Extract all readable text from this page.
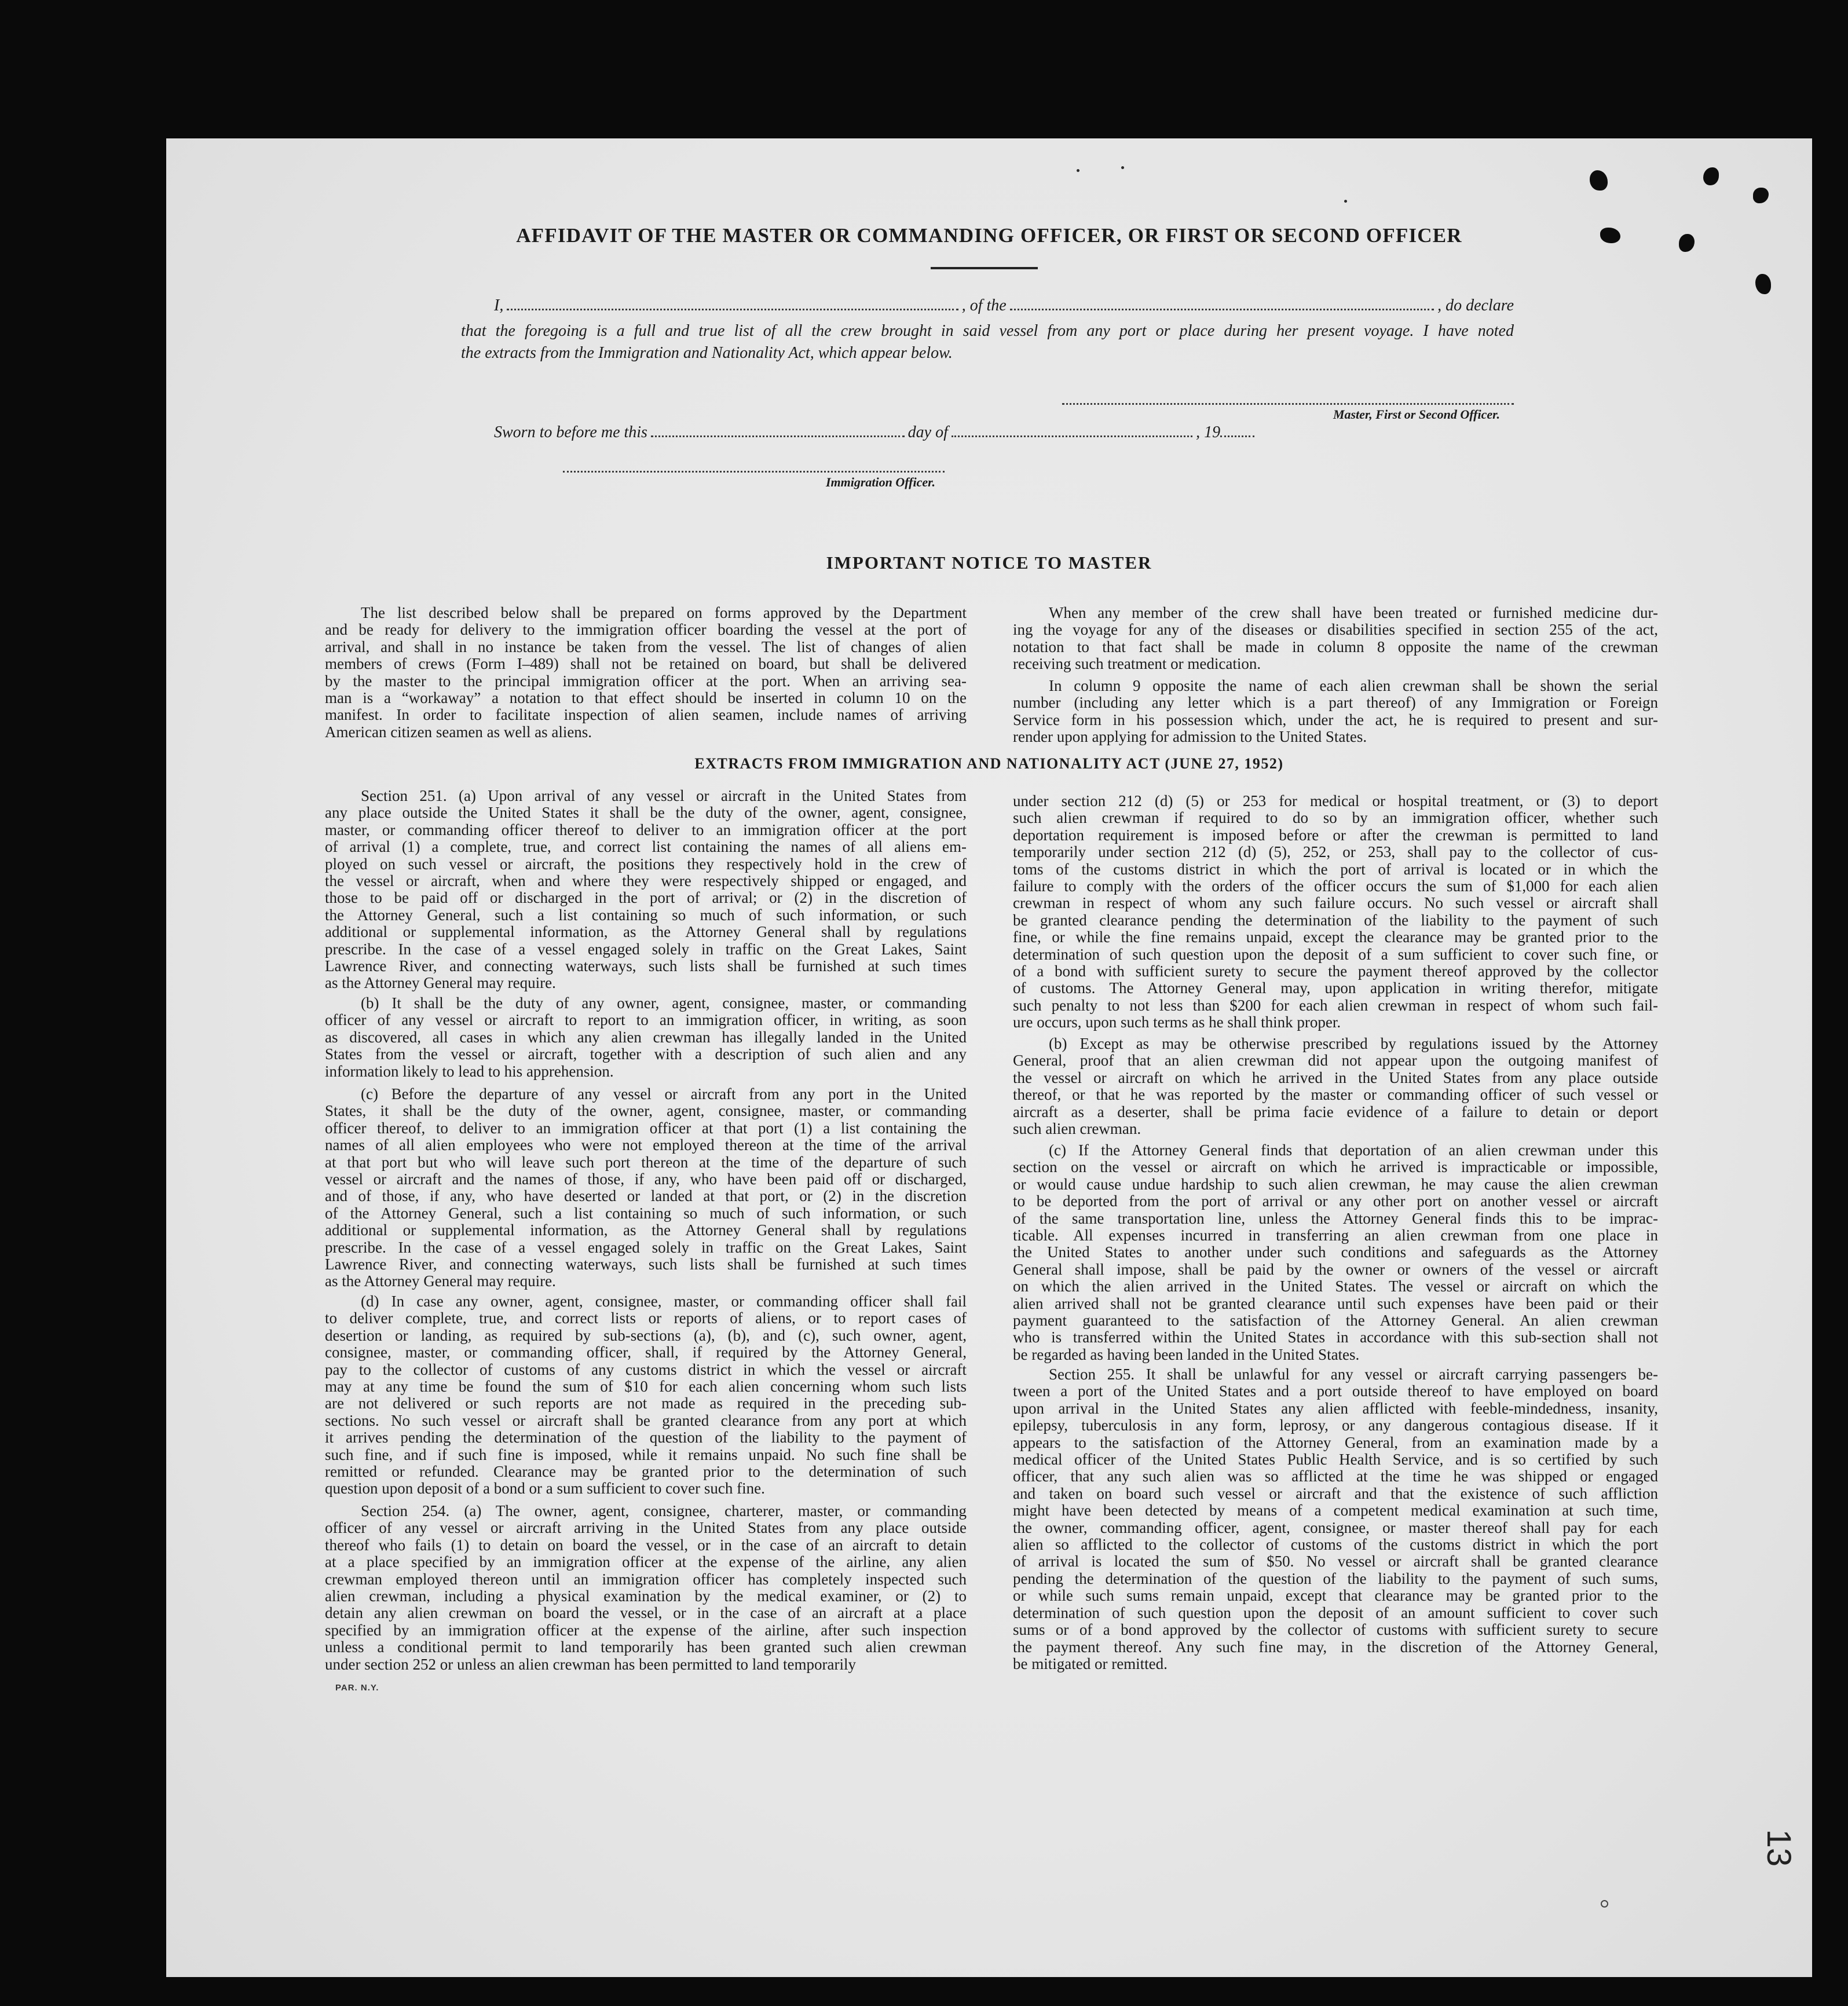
AFFIDAVIT OF THE MASTER OR COMMANDING OFFICER, OR FIRST OR SECOND OFFICER
I,	, of the	, do declare
that the foregoing is a full and true list of all the crew brought in said vessel from any port or place during her present voyage. I have noted
the extracts from the Immigration and Nationality Act, which appear below.
Master, First or Second Officer.
Sworn to before me this	day of	, 19
Immigration Officer.
IMPORTANT NOTICE TO MASTER
The list described below shall be prepared on forms approved by the Department
and be ready for delivery to the immigration officer boarding the vessel at the port of
arrival, and shall in no instance be taken from the vessel. The list of changes of alien
members of crews (Form I–489) shall not be retained on board, but shall be delivered
by the master to the principal immigration officer at the port. When an arriving sea-
man is a “workaway” a notation to that effect should be inserted in column 10 on the
manifest. In order to facilitate inspection of alien seamen, include names of arriving
American citizen seamen as well as aliens.
When any member of the crew shall have been treated or furnished medicine dur-
ing the voyage for any of the diseases or disabilities specified in section 255 of the act,
notation to that fact shall be made in column 8 opposite the name of the crewman
receiving such treatment or medication.
In column 9 opposite the name of each alien crewman shall be shown the serial
number (including any letter which is a part thereof) of any Immigration or Foreign
Service form in his possession which, under the act, he is required to present and sur-
render upon applying for admission to the United States.
EXTRACTS FROM IMMIGRATION AND NATIONALITY ACT (JUNE 27, 1952)
Section 251. (a) Upon arrival of any vessel or aircraft in the United States from
any place outside the United States it shall be the duty of the owner, agent, consignee,
master, or commanding officer thereof to deliver to an immigration officer at the port
of arrival (1) a complete, true, and correct list containing the names of all aliens em-
ployed on such vessel or aircraft, the positions they respectively hold in the crew of
the vessel or aircraft, when and where they were respectively shipped or engaged, and
those to be paid off or discharged in the port of arrival; or (2) in the discretion of
the Attorney General, such a list containing so much of such information, or such
additional or supplemental information, as the Attorney General shall by regulations
prescribe. In the case of a vessel engaged solely in traffic on the Great Lakes, Saint
Lawrence River, and connecting waterways, such lists shall be furnished at such times
as the Attorney General may require.
(b) It shall be the duty of any owner, agent, consignee, master, or commanding
officer of any vessel or aircraft to report to an immigration officer, in writing, as soon
as discovered, all cases in which any alien crewman has illegally landed in the United
States from the vessel or aircraft, together with a description of such alien and any
information likely to lead to his apprehension.
(c) Before the departure of any vessel or aircraft from any port in the United
States, it shall be the duty of the owner, agent, consignee, master, or commanding
officer thereof, to deliver to an immigration officer at that port (1) a list containing the
names of all alien employees who were not employed thereon at the time of the arrival
at that port but who will leave such port thereon at the time of the departure of such
vessel or aircraft and the names of those, if any, who have been paid off or discharged,
and of those, if any, who have deserted or landed at that port, or (2) in the discretion
of the Attorney General, such a list containing so much of such information, or such
additional or supplemental information, as the Attorney General shall by regulations
prescribe. In the case of a vessel engaged solely in traffic on the Great Lakes, Saint
Lawrence River, and connecting waterways, such lists shall be furnished at such times
as the Attorney General may require.
(d) In case any owner, agent, consignee, master, or commanding officer shall fail
to deliver complete, true, and correct lists or reports of aliens, or to report cases of
desertion or landing, as required by sub-sections (a), (b), and (c), such owner, agent,
consignee, master, or commanding officer, shall, if required by the Attorney General,
pay to the collector of customs of any customs district in which the vessel or aircraft
may at any time be found the sum of $10 for each alien concerning whom such lists
are not delivered or such reports are not made as required in the preceding sub-
sections. No such vessel or aircraft shall be granted clearance from any port at which
it arrives pending the determination of the question of the liability to the payment of
such fine, and if such fine is imposed, while it remains unpaid. No such fine shall be
remitted or refunded. Clearance may be granted prior to the determination of such
question upon deposit of a bond or a sum sufficient to cover such fine.
Section 254. (a) The owner, agent, consignee, charterer, master, or commanding
officer of any vessel or aircraft arriving in the United States from any place outside
thereof who fails (1) to detain on board the vessel, or in the case of an aircraft to detain
at a place specified by an immigration officer at the expense of the airline, any alien
crewman employed thereon until an immigration officer has completely inspected such
alien crewman, including a physical examination by the medical examiner, or (2) to
detain any alien crewman on board the vessel, or in the case of an aircraft at a place
specified by an immigration officer at the expense of the airline, after such inspection
unless a conditional permit to land temporarily has been granted such alien crewman
under section 252 or unless an alien crewman has been permitted to land temporarily
under section 212 (d) (5) or 253 for medical or hospital treatment, or (3) to deport
such alien crewman if required to do so by an immigration officer, whether such
deportation requirement is imposed before or after the crewman is permitted to land
temporarily under section 212 (d) (5), 252, or 253, shall pay to the collector of cus-
toms of the customs district in which the port of arrival is located or in which the
failure to comply with the orders of the officer occurs the sum of $1,000 for each alien
crewman in respect of whom any such failure occurs. No such vessel or aircraft shall
be granted clearance pending the determination of the liability to the payment of such
fine, or while the fine remains unpaid, except the clearance may be granted prior to the
determination of such question upon the deposit of a sum sufficient to cover such fine, or
of a bond with sufficient surety to secure the payment thereof approved by the collector
of customs. The Attorney General may, upon application in writing therefor, mitigate
such penalty to not less than $200 for each alien crewman in respect of whom such fail-
ure occurs, upon such terms as he shall think proper.
(b) Except as may be otherwise prescribed by regulations issued by the Attorney
General, proof that an alien crewman did not appear upon the outgoing manifest of
the vessel or aircraft on which he arrived in the United States from any place outside
thereof, or that he was reported by the master or commanding officer of such vessel or
aircraft as a deserter, shall be prima facie evidence of a failure to detain or deport
such alien crewman.
(c) If the Attorney General finds that deportation of an alien crewman under this
section on the vessel or aircraft on which he arrived is impracticable or impossible,
or would cause undue hardship to such alien crewman, he may cause the alien crewman
to be deported from the port of arrival or any other port on another vessel or aircraft
of the same transportation line, unless the Attorney General finds this to be imprac-
ticable. All expenses incurred in transferring an alien crewman from one place in
the United States to another under such conditions and safeguards as the Attorney
General shall impose, shall be paid by the owner or owners of the vessel or aircraft
on which the alien arrived in the United States. The vessel or aircraft on which the
alien arrived shall not be granted clearance until such expenses have been paid or their
payment guaranteed to the satisfaction of the Attorney General. An alien crewman
who is transferred within the United States in accordance with this sub-section shall not
be regarded as having been landed in the United States.
Section 255. It shall be unlawful for any vessel or aircraft carrying passengers be-
tween a port of the United States and a port outside thereof to have employed on board
upon arrival in the United States any alien afflicted with feeble-mindedness, insanity,
epilepsy, tuberculosis in any form, leprosy, or any dangerous contagious disease. If it
appears to the satisfaction of the Attorney General, from an examination made by a
medical officer of the United States Public Health Service, and is so certified by such
officer, that any such alien was so afflicted at the time he was shipped or engaged
and taken on board such vessel or aircraft and that the existence of such affliction
might have been detected by means of a competent medical examination at such time,
the owner, commanding officer, agent, consignee, or master thereof shall pay for each
alien so afflicted to the collector of customs of the customs district in which the port
of arrival is located the sum of $50. No vessel or aircraft shall be granted clearance
pending the determination of the question of the liability to the payment of such sums,
or while such sums remain unpaid, except that clearance may be granted prior to the
determination of such question upon the deposit of an amount sufficient to cover such
sums or of a bond approved by the collector of customs with sufficient surety to secure
the payment thereof. Any such fine may, in the discretion of the Attorney General,
be mitigated or remitted.
PAR. N.Y.
13
